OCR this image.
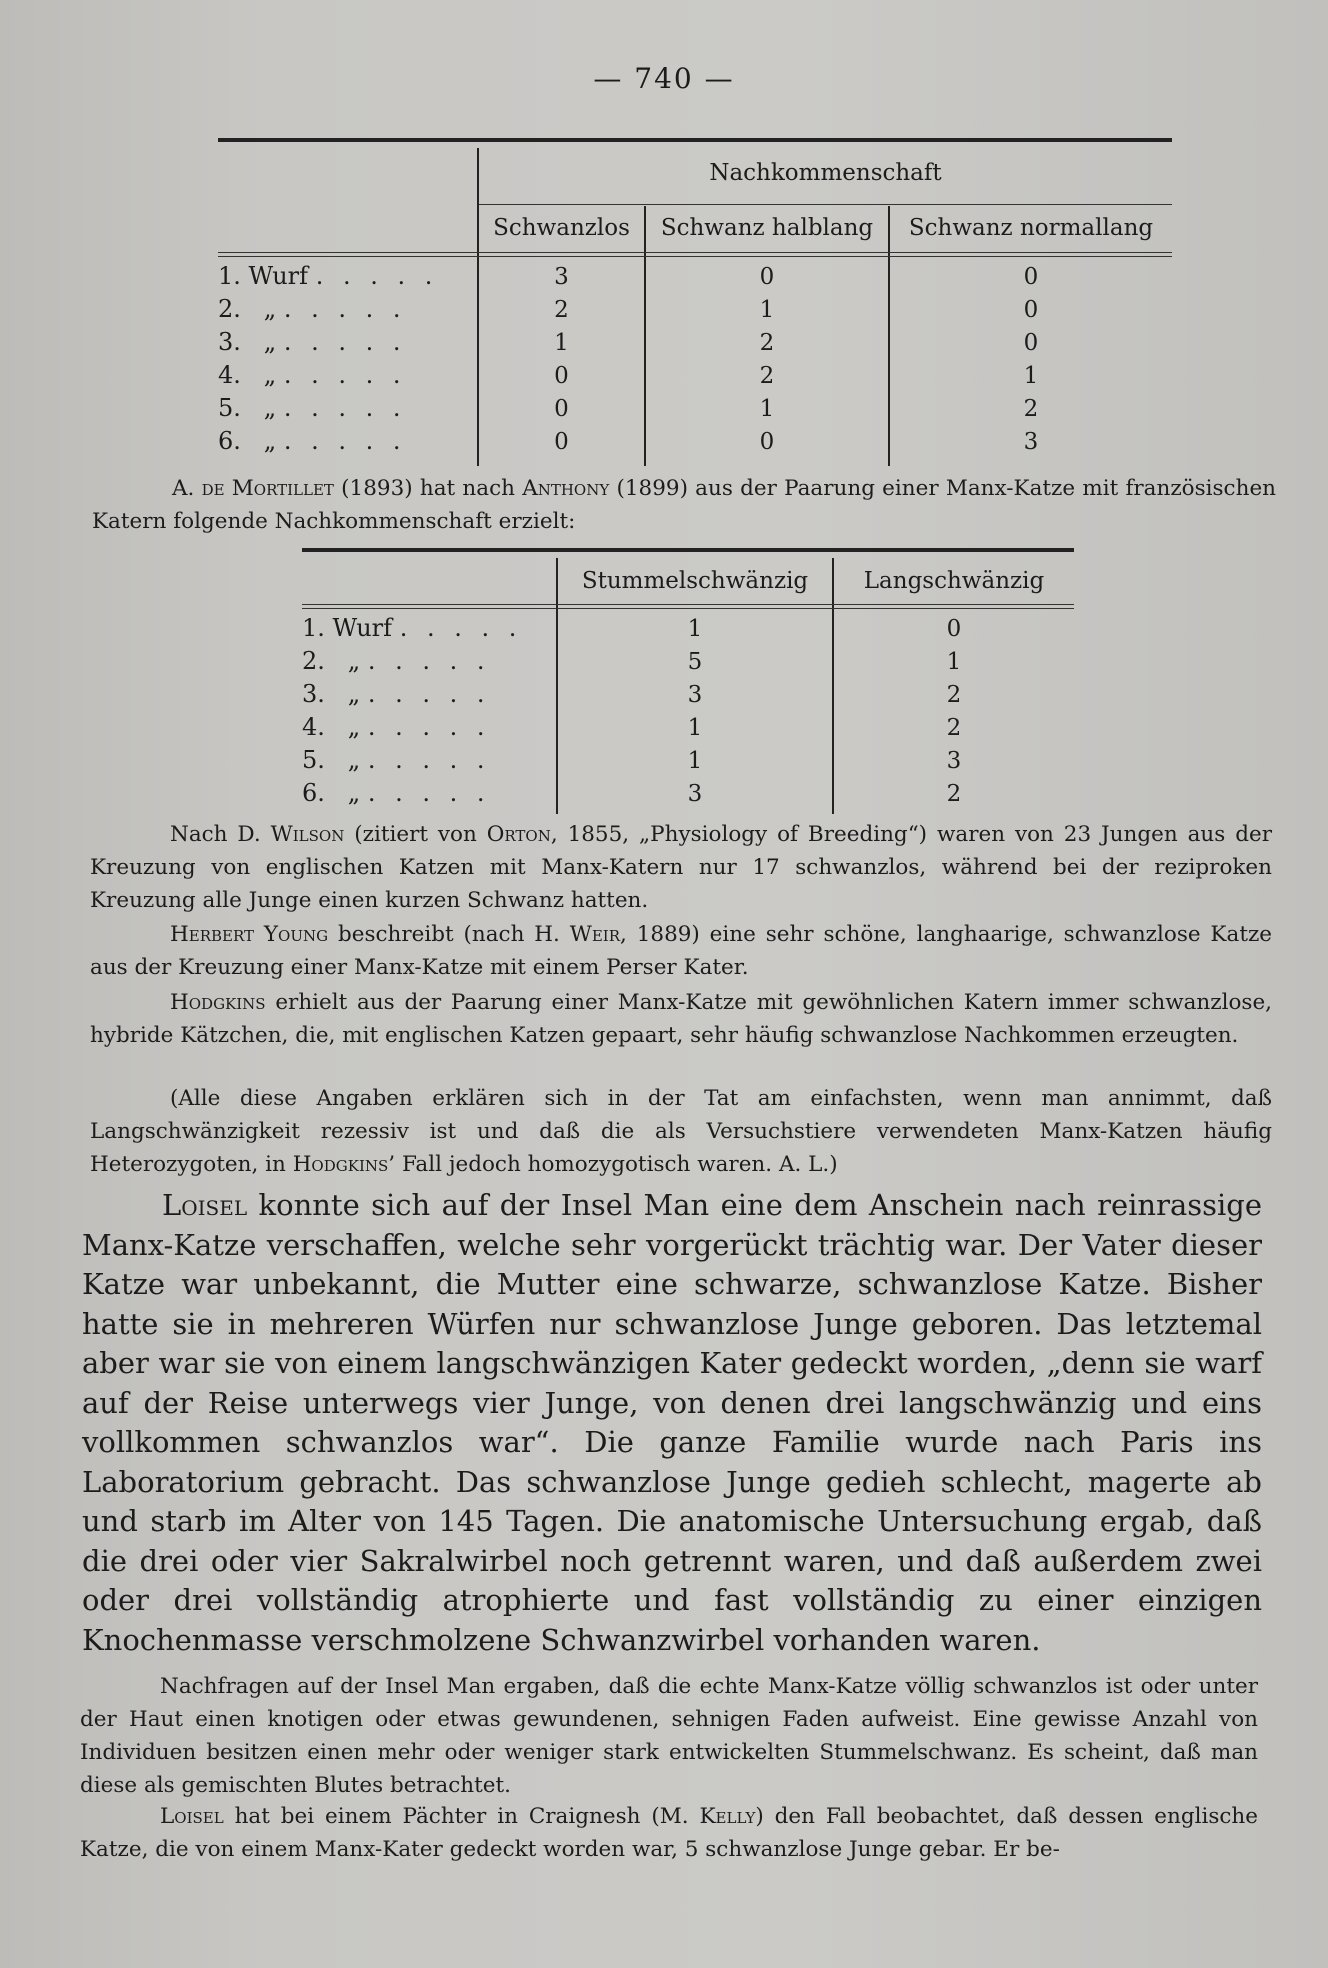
— 740 —
Nachkommenschaft
Schwanzlos	Schwanz halblang	Schwanz normallang
1. Wurf . . . . .	3	0	0
2.   „ . . . . .	2	1	0
3.   „ . . . . .	1	2	0
4.   „ . . . . .	0	2	1
5.   „ . . . . .	0	1	2
6.   „ . . . . .	0	0	3

A. de Mortillet (1893) hat nach Anthony (1899) aus der Paarung einer Manx-Katze mit französischen Katern folgende Nachkommenschaft erzielt:

Stummelschwänzig	Langschwänzig
1. Wurf . . . . .	1	0
2.   „ . . . . .	5	1
3.   „ . . . . .	3	2
4.   „ . . . . .	1	2
5.   „ . . . . .	1	3
6.   „ . . . . .	3	2

Nach D. Wilson (zitiert von Orton, 1855, „Physiology of Breeding“) waren von 23 Jungen aus der Kreuzung von englischen Katzen mit Manx-Katern nur 17 schwanzlos, während bei der reziproken Kreuzung alle Junge einen kurzen Schwanz hatten.

Herbert Young beschreibt (nach H. Weir, 1889) eine sehr schöne, langhaarige, schwanzlose Katze aus der Kreuzung einer Manx-Katze mit einem Perser Kater.

Hodgkins erhielt aus der Paarung einer Manx-Katze mit gewöhnlichen Katern immer schwanzlose, hybride Kätzchen, die, mit englischen Katzen gepaart, sehr häufig schwanzlose Nachkommen erzeugten.

(Alle diese Angaben erklären sich in der Tat am einfachsten, wenn man annimmt, daß Langschwänzigkeit rezessiv ist und daß die als Versuchstiere verwendeten Manx-Katzen häufig Heterozygoten, in Hodgkins’ Fall jedoch homozygotisch waren. A. L.)

Loisel konnte sich auf der Insel Man eine dem Anschein nach reinrassige Manx-Katze verschaffen, welche sehr vorgerückt trächtig war. Der Vater dieser Katze war unbekannt, die Mutter eine schwarze, schwanzlose Katze. Bisher hatte sie in mehreren Würfen nur schwanzlose Junge geboren. Das letztemal aber war sie von einem langschwänzigen Kater gedeckt worden, „denn sie warf auf der Reise unterwegs vier Junge, von denen drei langschwänzig und eins vollkommen schwanzlos war“. Die ganze Familie wurde nach Paris ins Laboratorium gebracht. Das schwanzlose Junge gedieh schlecht, magerte ab und starb im Alter von 145 Tagen. Die anatomische Untersuchung ergab, daß die drei oder vier Sakralwirbel noch getrennt waren, und daß außerdem zwei oder drei vollständig atrophierte und fast vollständig zu einer einzigen Knochenmasse verschmolzene Schwanzwirbel vorhanden waren.

Nachfragen auf der Insel Man ergaben, daß die echte Manx-Katze völlig schwanzlos ist oder unter der Haut einen knotigen oder etwas gewundenen, sehnigen Faden aufweist. Eine gewisse Anzahl von Individuen besitzen einen mehr oder weniger stark entwickelten Stummelschwanz. Es scheint, daß man diese als gemischten Blutes betrachtet.

Loisel hat bei einem Pächter in Craignesh (M. Kelly) den Fall beobachtet, daß dessen englische Katze, die von einem Manx-Kater gedeckt worden war, 5 schwanzlose Junge gebar. Er be-
